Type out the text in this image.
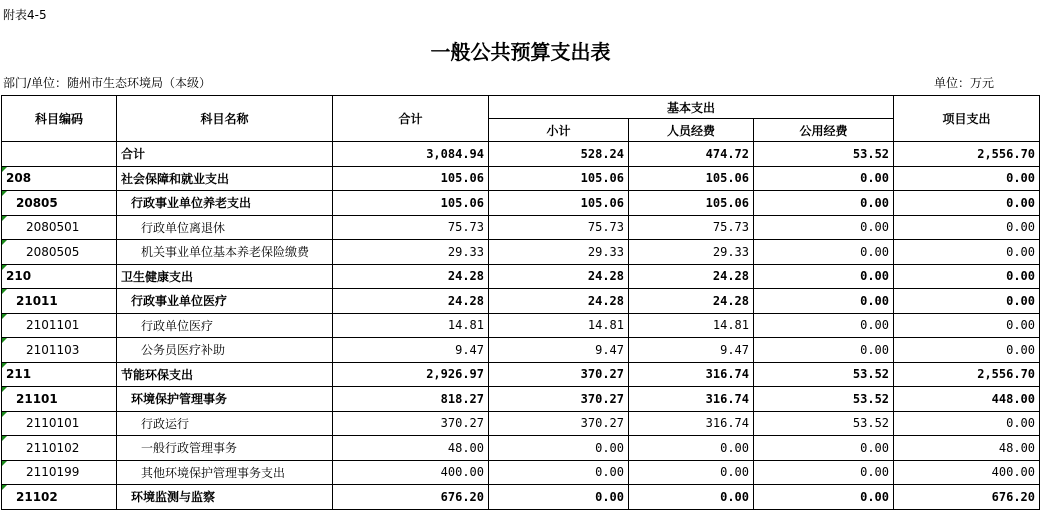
附表4-5
一般公共预算支出表
部门/单位：随州市生态环境局（本级）	单位：万元
科目编码	科目名称	合计	基本支出			项目支出
			小计	人员经费	公用经费	
	合计	3,084.94	528.24	474.72	53.52	2,556.70
208	社会保障和就业支出	105.06	105.06	105.06	0.00	0.00
20805	行政事业单位养老支出	105.06	105.06	105.06	0.00	0.00
2080501	行政单位离退休	75.73	75.73	75.73	0.00	0.00
2080505	机关事业单位基本养老保险缴费	29.33	29.33	29.33	0.00	0.00
210	卫生健康支出	24.28	24.28	24.28	0.00	0.00
21011	行政事业单位医疗	24.28	24.28	24.28	0.00	0.00
2101101	行政单位医疗	14.81	14.81	14.81	0.00	0.00
2101103	公务员医疗补助	9.47	9.47	9.47	0.00	0.00
211	节能环保支出	2,926.97	370.27	316.74	53.52	2,556.70
21101	环境保护管理事务	818.27	370.27	316.74	53.52	448.00
2110101	行政运行	370.27	370.27	316.74	53.52	0.00
2110102	一般行政管理事务	48.00	0.00	0.00	0.00	48.00
2110199	其他环境保护管理事务支出	400.00	0.00	0.00	0.00	400.00
21102	环境监测与监察	676.20	0.00	0.00	0.00	676.20
